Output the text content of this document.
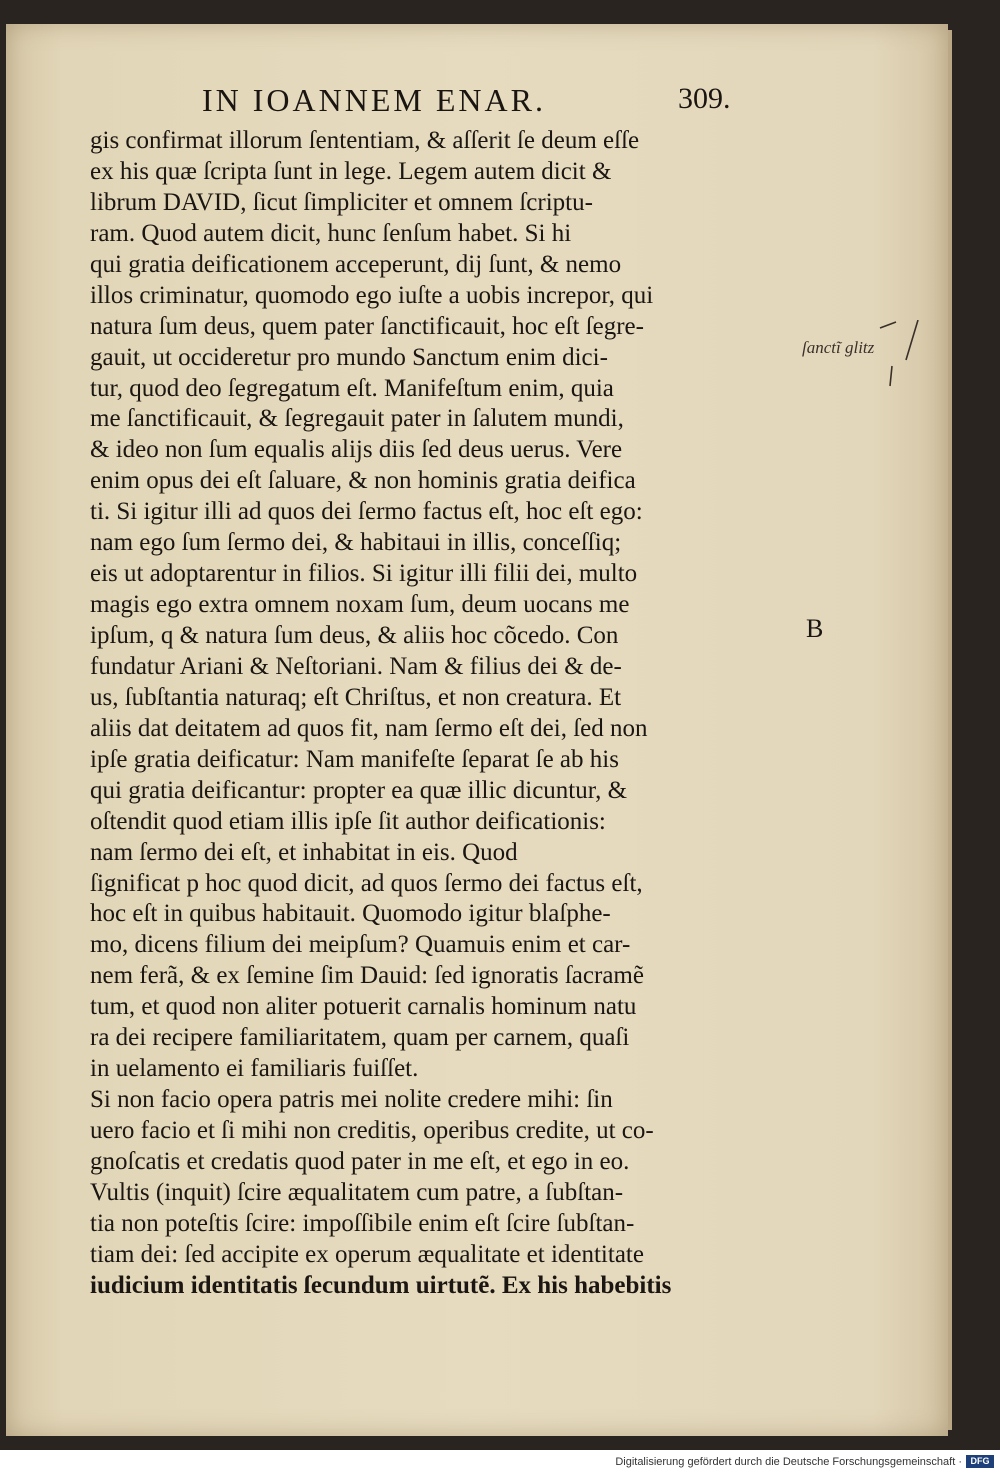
IN IOANNEM ENAR.	309.
gis confirmat illorum ſententiam, & aſſerit ſe deum eſſe
ex his quæ ſcripta ſunt in lege. Legem autem dicit &
librum DAVID, ſicut ſimpliciter et omnem ſcriptu-
ram. Quod autem dicit, hunc ſenſum habet. Si hi
qui gratia deificationem acceperunt, dij ſunt, & nemo
illos criminatur, quomodo ego iuſte a uobis increpor, qui
natura ſum deus, quem pater ſanctificauit, hoc eſt ſegre-
gauit, ut occideretur pro mundo Sanctum enim dici-
tur, quod deo ſegregatum eſt. Manifeſtum enim, quia
me ſanctificauit, & ſegregauit pater in ſalutem mundi,
& ideo non ſum equalis alijs diis ſed deus uerus. Vere
enim opus dei eſt ſaluare, & non hominis gratia deifica
ti. Si igitur illi ad quos dei ſermo factus eſt, hoc eſt ego:
nam ego ſum ſermo dei, & habitaui in illis, conceſſiq;
eis ut adoptarentur in filios. Si igitur illi filii dei, multo
magis ego extra omnem noxam ſum, deum uocans me
ipſum, q & natura ſum deus, & aliis hoc cõcedo. Con
fundatur Ariani & Neſtoriani. Nam & filius dei & de-
us, ſubſtantia naturaq; eſt Chriſtus, et non creatura. Et
aliis dat deitatem ad quos fit, nam ſermo eſt dei, ſed non
ipſe gratia deificatur: Nam manifeſte ſeparat ſe ab his
qui gratia deificantur: propter ea quæ illic dicuntur, &
oſtendit quod etiam illis ipſe ſit author deificationis:
nam ſermo dei eſt, et inhabitat in eis. Quod
ſignificat p hoc quod dicit, ad quos ſermo dei factus eſt,
hoc eſt in quibus habitauit. Quomodo igitur blaſphe-
mo, dicens filium dei meipſum? Quamuis enim et car-
nem ferã, & ex ſemine ſim Dauid: ſed ignoratis ſacramẽ
tum, et quod non aliter potuerit carnalis hominum natu
ra dei recipere familiaritatem, quam per carnem, quaſi
in uelamento ei familiaris fuiſſet.
Si non facio opera patris mei nolite credere mihi: ſin
uero facio et ſi mihi non creditis, operibus credite, ut co-
gnoſcatis et credatis quod pater in me eſt, et ego in eo.
Vultis (inquit) ſcire æqualitatem cum patre, a ſubſtan-
tia non poteſtis ſcire: impoſſibile enim eſt ſcire ſubſtan-
tiam dei: ſed accipite ex operum æqualitate et identitate
iudicium identitatis ſecundum uirtutẽ. Ex his habebitis
ſanctĩ glitz
B
Digitalisierung gefördert durch die Deutsche Forschungsgemeinschaft · DFG
